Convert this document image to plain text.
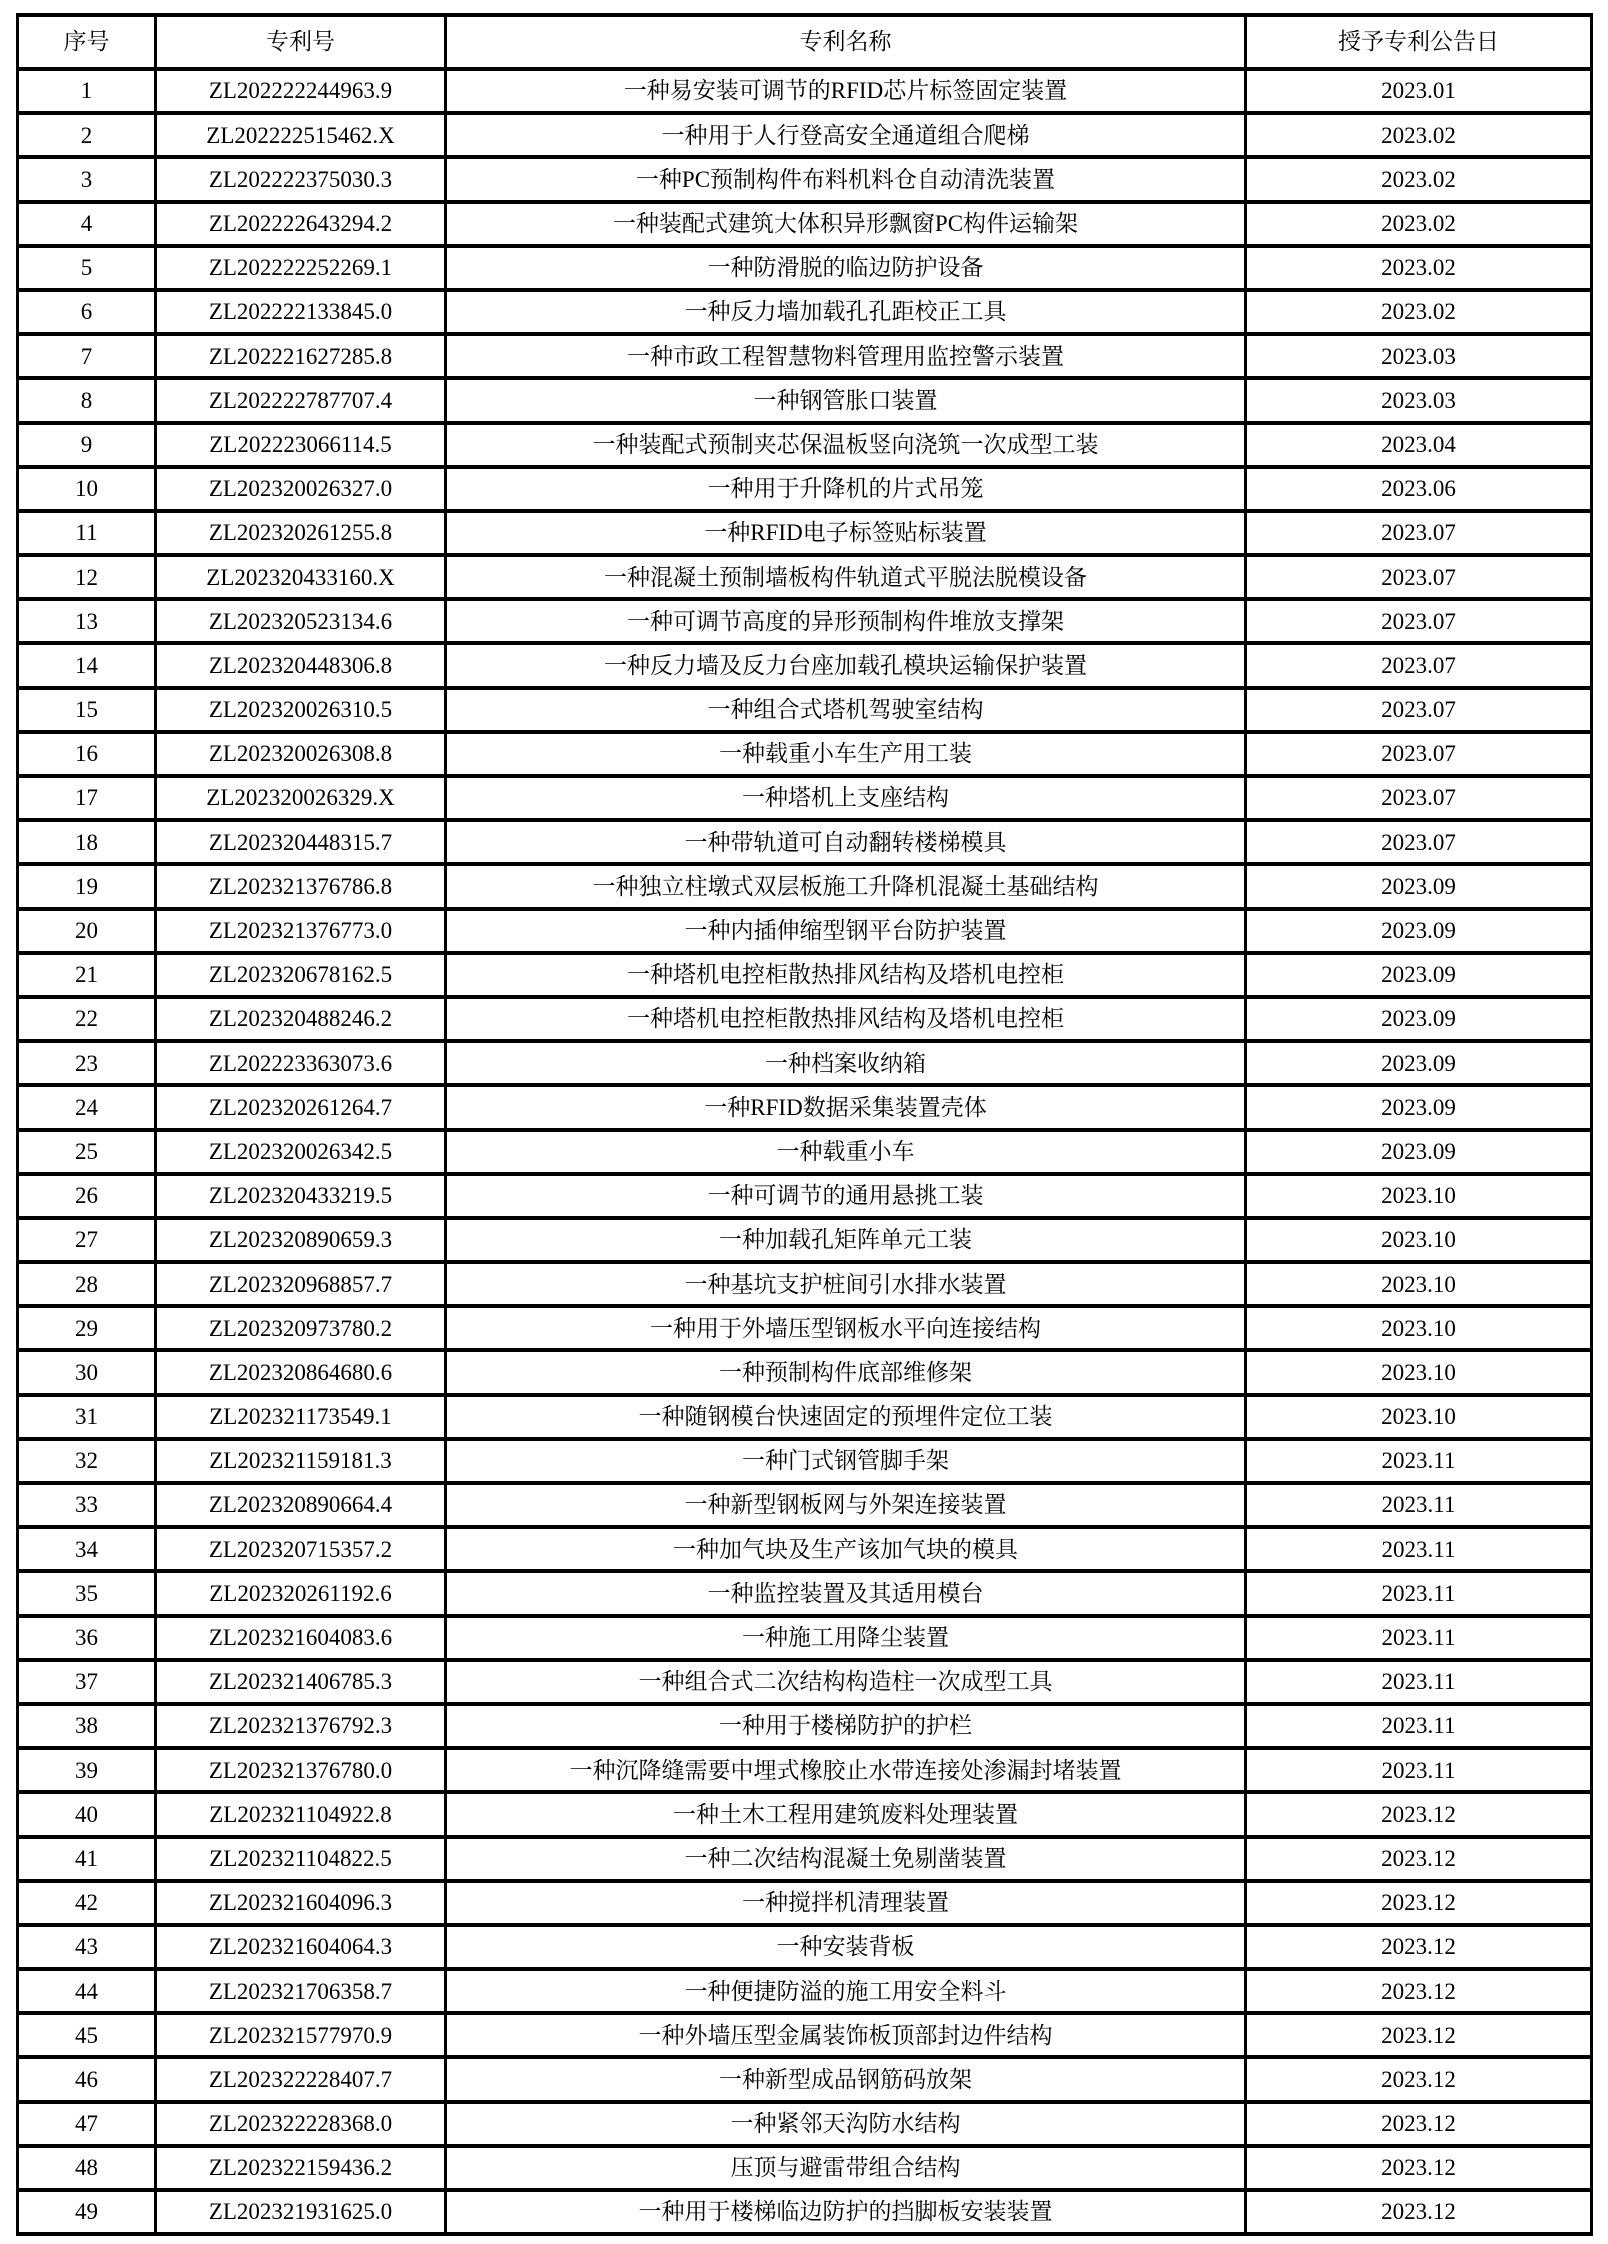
序号	专利号	专利名称	授予专利公告日
1	ZL202222244963.9	一种易安装可调节的RFID芯片标签固定装置	2023.01
2	ZL202222515462.X	一种用于人行登高安全通道组合爬梯	2023.02
3	ZL202222375030.3	一种PC预制构件布料机料仓自动清洗装置	2023.02
4	ZL202222643294.2	一种装配式建筑大体积异形飘窗PC构件运输架	2023.02
5	ZL202222252269.1	一种防滑脱的临边防护设备	2023.02
6	ZL202222133845.0	一种反力墙加载孔孔距校正工具	2023.02
7	ZL202221627285.8	一种市政工程智慧物料管理用监控警示装置	2023.03
8	ZL202222787707.4	一种钢管胀口装置	2023.03
9	ZL202223066114.5	一种装配式预制夹芯保温板竖向浇筑一次成型工装	2023.04
10	ZL202320026327.0	一种用于升降机的片式吊笼	2023.06
11	ZL202320261255.8	一种RFID电子标签贴标装置	2023.07
12	ZL202320433160.X	一种混凝土预制墙板构件轨道式平脱法脱模设备	2023.07
13	ZL202320523134.6	一种可调节高度的异形预制构件堆放支撑架	2023.07
14	ZL202320448306.8	一种反力墙及反力台座加载孔模块运输保护装置	2023.07
15	ZL202320026310.5	一种组合式塔机驾驶室结构	2023.07
16	ZL202320026308.8	一种载重小车生产用工装	2023.07
17	ZL202320026329.X	一种塔机上支座结构	2023.07
18	ZL202320448315.7	一种带轨道可自动翻转楼梯模具	2023.07
19	ZL202321376786.8	一种独立柱墩式双层板施工升降机混凝土基础结构	2023.09
20	ZL202321376773.0	一种内插伸缩型钢平台防护装置	2023.09
21	ZL202320678162.5	一种塔机电控柜散热排风结构及塔机电控柜	2023.09
22	ZL202320488246.2	一种塔机电控柜散热排风结构及塔机电控柜	2023.09
23	ZL202223363073.6	一种档案收纳箱	2023.09
24	ZL202320261264.7	一种RFID数据采集装置壳体	2023.09
25	ZL202320026342.5	一种载重小车	2023.09
26	ZL202320433219.5	一种可调节的通用悬挑工装	2023.10
27	ZL202320890659.3	一种加载孔矩阵单元工装	2023.10
28	ZL202320968857.7	一种基坑支护桩间引水排水装置	2023.10
29	ZL202320973780.2	一种用于外墙压型钢板水平向连接结构	2023.10
30	ZL202320864680.6	一种预制构件底部维修架	2023.10
31	ZL202321173549.1	一种随钢模台快速固定的预埋件定位工装	2023.10
32	ZL202321159181.3	一种门式钢管脚手架	2023.11
33	ZL202320890664.4	一种新型钢板网与外架连接装置	2023.11
34	ZL202320715357.2	一种加气块及生产该加气块的模具	2023.11
35	ZL202320261192.6	一种监控装置及其适用模台	2023.11
36	ZL202321604083.6	一种施工用降尘装置	2023.11
37	ZL202321406785.3	一种组合式二次结构构造柱一次成型工具	2023.11
38	ZL202321376792.3	一种用于楼梯防护的护栏	2023.11
39	ZL202321376780.0	一种沉降缝需要中埋式橡胶止水带连接处渗漏封堵装置	2023.11
40	ZL202321104922.8	一种土木工程用建筑废料处理装置	2023.12
41	ZL202321104822.5	一种二次结构混凝土免剔凿装置	2023.12
42	ZL202321604096.3	一种搅拌机清理装置	2023.12
43	ZL202321604064.3	一种安装背板	2023.12
44	ZL202321706358.7	一种便捷防溢的施工用安全料斗	2023.12
45	ZL202321577970.9	一种外墙压型金属装饰板顶部封边件结构	2023.12
46	ZL202322228407.7	一种新型成品钢筋码放架	2023.12
47	ZL202322228368.0	一种紧邻天沟防水结构	2023.12
48	ZL202322159436.2	压顶与避雷带组合结构	2023.12
49	ZL202321931625.0	一种用于楼梯临边防护的挡脚板安装装置	2023.12
